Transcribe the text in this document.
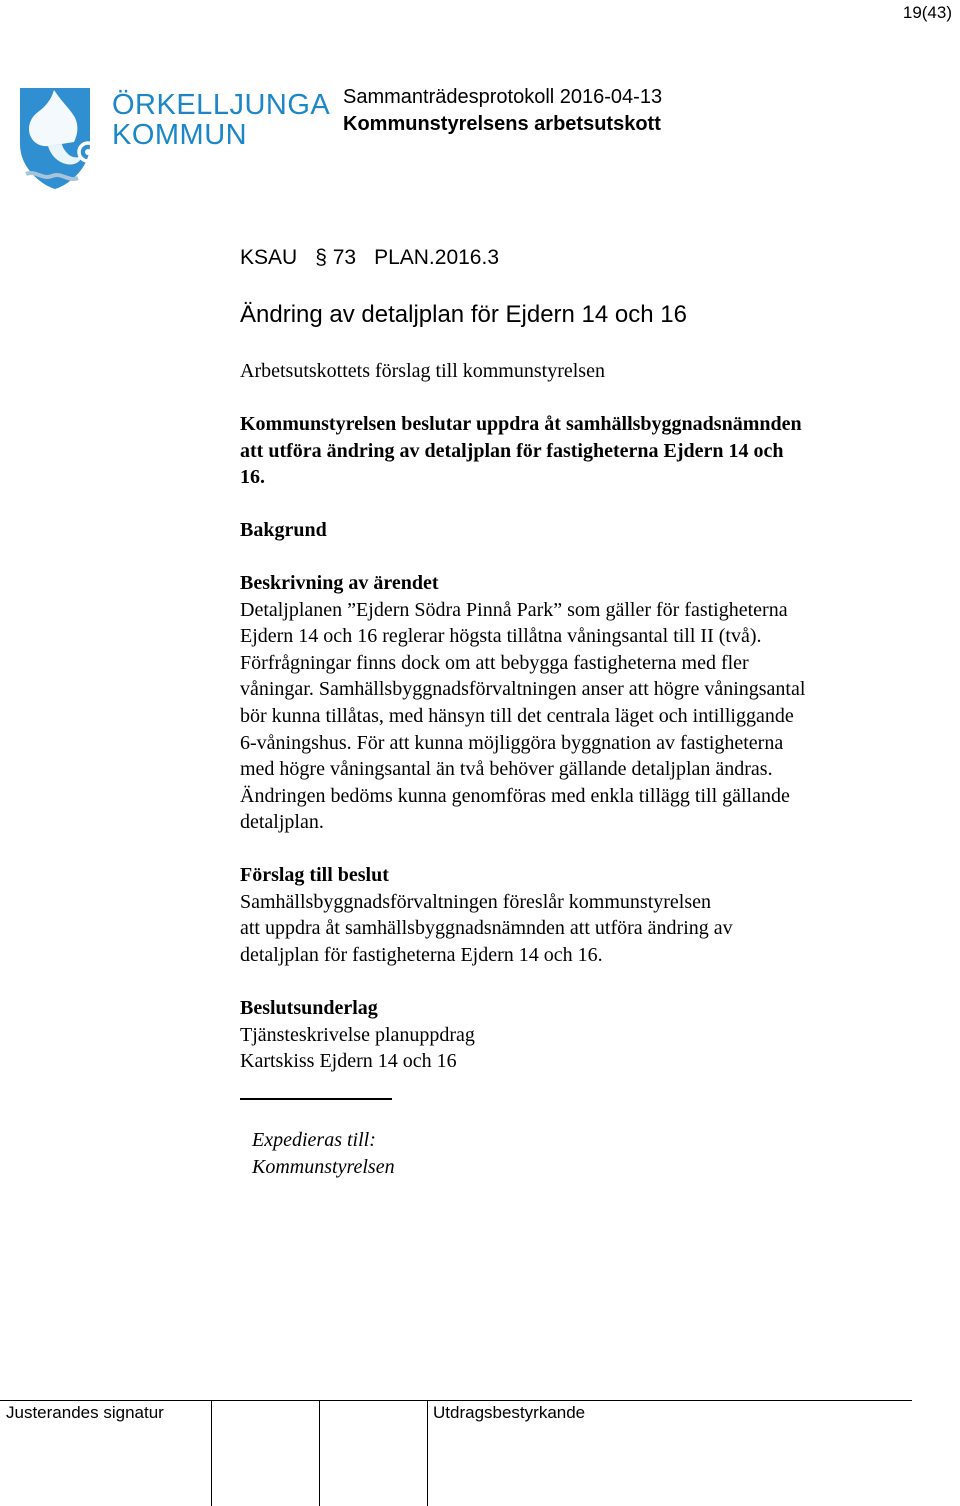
19(43)
ÖRKELLJUNGA
KOMMUN
Sammanträdesprotokoll 2016-04-13
Kommunstyrelsens arbetsutskott
KSAU § 73 PLAN.2016.3
Ändring av detaljplan för Ejdern 14 och 16
Arbetsutskottets förslag till kommunstyrelsen
Kommunstyrelsen beslutar uppdra åt samhällsbyggnadsnämnden
att utföra ändring av detaljplan för fastigheterna Ejdern 14 och
16.
Bakgrund
Beskrivning av ärendet
Detaljplanen ”Ejdern Södra Pinnå Park” som gäller för fastigheterna
Ejdern 14 och 16 reglerar högsta tillåtna våningsantal till II (två).
Förfrågningar finns dock om att bebygga fastigheterna med fler
våningar. Samhällsbyggnadsförvaltningen anser att högre våningsantal
bör kunna tillåtas, med hänsyn till det centrala läget och intilliggande
6-våningshus. För att kunna möjliggöra byggnation av fastigheterna
med högre våningsantal än två behöver gällande detaljplan ändras.
Ändringen bedöms kunna genomföras med enkla tillägg till gällande
detaljplan.
Förslag till beslut
Samhällsbyggnadsförvaltningen föreslår kommunstyrelsen
att uppdra åt samhällsbyggnadsnämnden att utföra ändring av
detaljplan för fastigheterna Ejdern 14 och 16.
Beslutsunderlag
Tjänsteskrivelse planuppdrag
Kartskiss Ejdern 14 och 16
Expedieras till:
Kommunstyrelsen
Justerandes signatur	Utdragsbestyrkande
